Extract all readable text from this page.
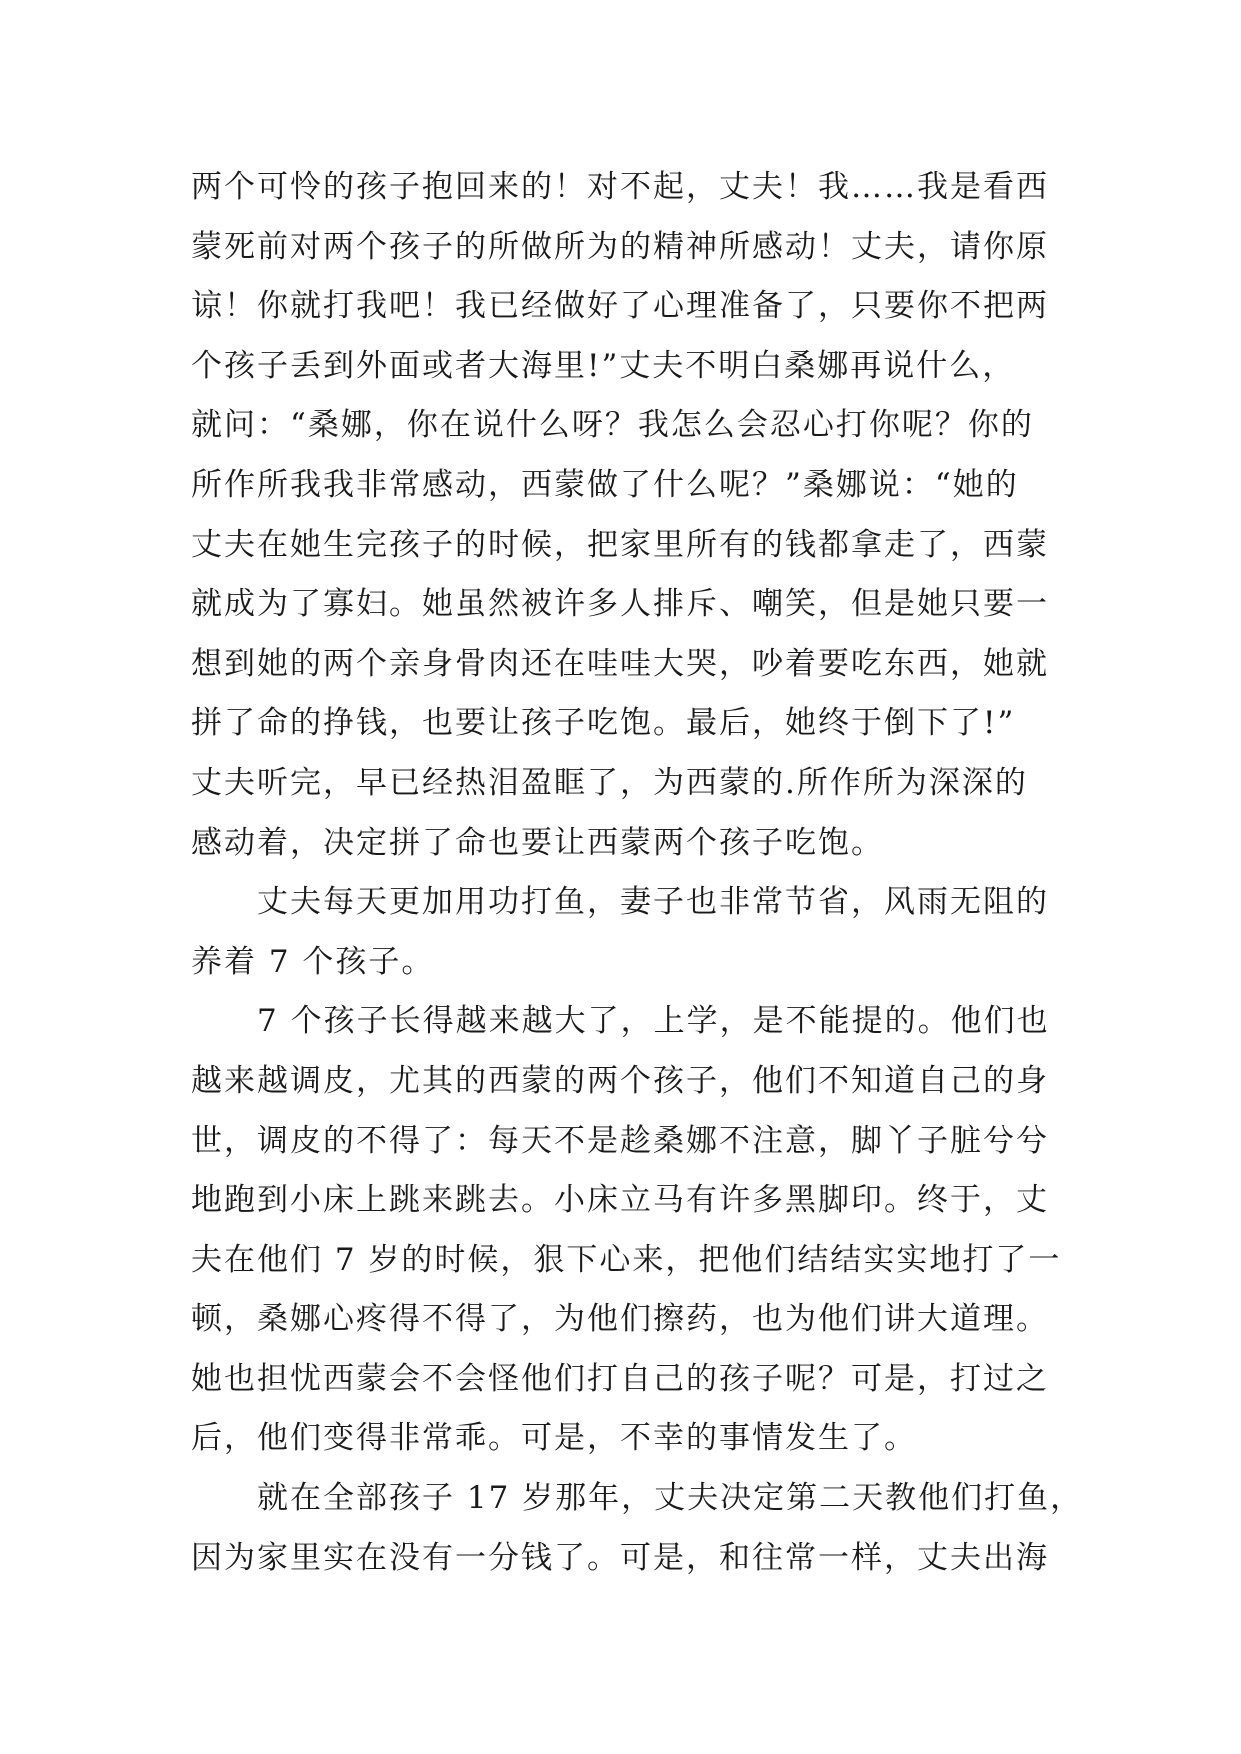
两个可怜的孩子抱回来的！对不起，丈夫！我……我是看西
蒙死前对两个孩子的所做所为的精神所感动！丈夫，请你原
谅！你就打我吧！我已经做好了心理准备了，只要你不把两
个孩子丢到外面或者大海里!”丈夫不明白桑娜再说什么，
就问：“桑娜，你在说什么呀？我怎么会忍心打你呢？你的
所作所我我非常感动，西蒙做了什么呢？”桑娜说：“她的
丈夫在她生完孩子的时候，把家里所有的钱都拿走了，西蒙
就成为了寡妇。她虽然被许多人排斥、嘲笑，但是她只要一
想到她的两个亲身骨肉还在哇哇大哭，吵着要吃东西，她就
拼了命的挣钱，也要让孩子吃饱。最后，她终于倒下了!”
丈夫听完，早已经热泪盈眶了，为西蒙的.所作所为深深的
感动着，决定拼了命也要让西蒙两个孩子吃饱。
丈夫每天更加用功打鱼，妻子也非常节省，风雨无阻的
养着 7 个孩子。
7 个孩子长得越来越大了，上学，是不能提的。他们也
越来越调皮，尤其的西蒙的两个孩子，他们不知道自己的身
世，调皮的不得了：每天不是趁桑娜不注意，脚丫子脏兮兮
地跑到小床上跳来跳去。小床立马有许多黑脚印。终于，丈
夫在他们 7 岁的时候，狠下心来，把他们结结实实地打了一
顿，桑娜心疼得不得了，为他们擦药，也为他们讲大道理。
她也担忧西蒙会不会怪他们打自己的孩子呢？可是，打过之
后，他们变得非常乖。可是，不幸的事情发生了。
就在全部孩子 17 岁那年，丈夫决定第二天教他们打鱼，
因为家里实在没有一分钱了。可是，和往常一样，丈夫出海
